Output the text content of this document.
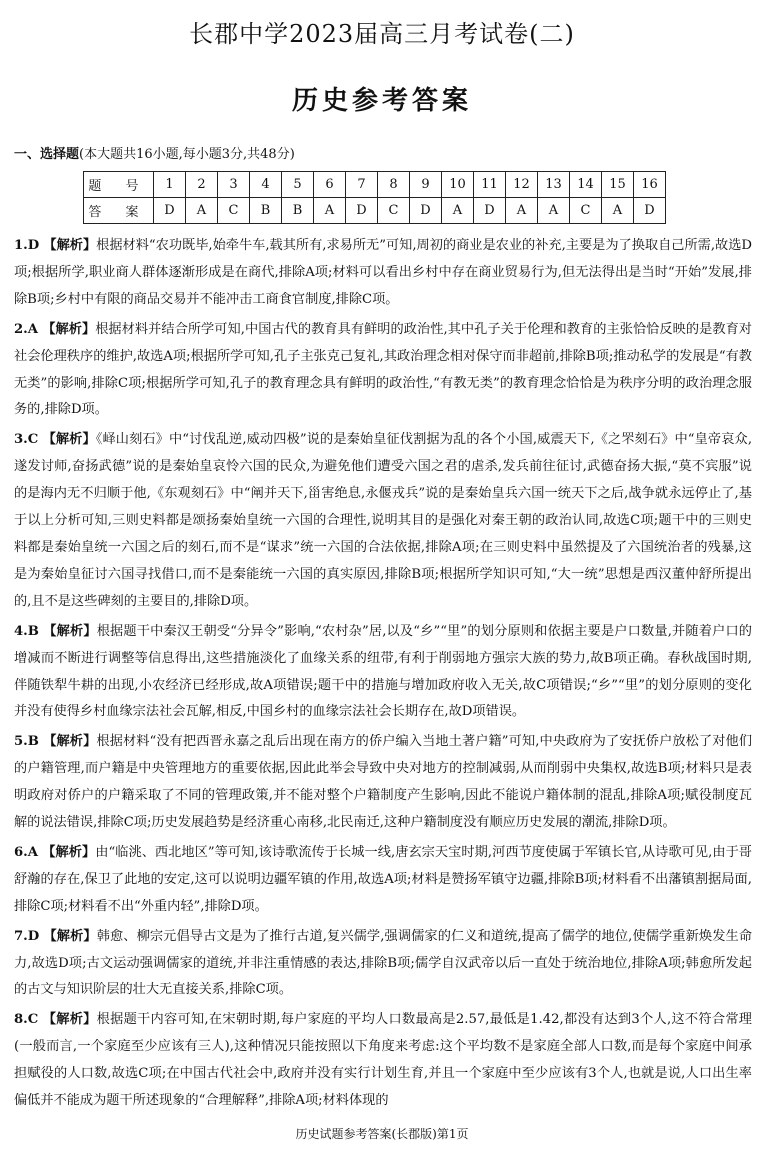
长郡中学2023届高三月考试卷(二)
历史参考答案
一、选择题(本大题共16小题,每小题3分,共48分)
题 号	1	2	3	4	5	6	7	8	9	10	11	12	13	14	15	16
答 案	D	A	C	B	B	A	D	C	D	A	D	A	A	C	A	D
1.D 【解析】根据材料“农功既毕,始牵牛车,载其所有,求易所无”可知,周初的商业是农业的补充,主要是为了换取自己所需,故选D项;根据所学,职业商人群体逐渐形成是在商代,排除A项;材料可以看出乡村中存在商业贸易行为,但无法得出是当时“开始”发展,排除B项;乡村中有限的商品交易并不能冲击工商食官制度,排除C项。
2.A 【解析】根据材料并结合所学可知,中国古代的教育具有鲜明的政治性,其中孔子关于伦理和教育的主张恰恰反映的是教育对社会伦理秩序的维护,故选A项;根据所学可知,孔子主张克己复礼,其政治理念相对保守而非超前,排除B项;推动私学的发展是“有教无类”的影响,排除C项;根据所学可知,孔子的教育理念具有鲜明的政治性,“有教无类”的教育理念恰恰是为秩序分明的政治理念服务的,排除D项。
3.C 【解析】《峄山刻石》中“讨伐乱逆,威动四极”说的是秦始皇征伐割据为乱的各个小国,威震天下,《之罘刻石》中“皇帝哀众,遂发讨师,奋扬武德”说的是秦始皇哀怜六国的民众,为避免他们遭受六国之君的虐杀,发兵前往征讨,武德奋扬大振,“莫不宾服”说的是海内无不归顺于他,《东观刻石》中“阐并天下,甾害绝息,永偃戎兵”说的是秦始皇兵六国一统天下之后,战争就永远停止了,基于以上分析可知,三则史料都是颂扬秦始皇统一六国的合理性,说明其目的是强化对秦王朝的政治认同,故选C项;题干中的三则史料都是秦始皇统一六国之后的刻石,而不是“谋求”统一六国的合法依据,排除A项;在三则史料中虽然提及了六国统治者的残暴,这是为秦始皇征讨六国寻找借口,而不是秦能统一六国的真实原因,排除B项;根据所学知识可知,“大一统”思想是西汉董仲舒所提出的,且不是这些碑刻的主要目的,排除D项。
4.B 【解析】根据题干中秦汉王朝受“分异令”影响,“农村杂”居,以及“乡”“里”的划分原则和依据主要是户口数量,并随着户口的增减而不断进行调整等信息得出,这些措施淡化了血缘关系的纽带,有利于削弱地方强宗大族的势力,故B项正确。春秋战国时期,伴随铁犁牛耕的出现,小农经济已经形成,故A项错误;题干中的措施与增加政府收入无关,故C项错误;“乡”“里”的划分原则的变化并没有使得乡村血缘宗法社会瓦解,相反,中国乡村的血缘宗法社会长期存在,故D项错误。
5.B 【解析】根据材料“没有把西晋永嘉之乱后出现在南方的侨户编入当地土著户籍”可知,中央政府为了安抚侨户放松了对他们的户籍管理,而户籍是中央管理地方的重要依据,因此此举会导致中央对地方的控制减弱,从而削弱中央集权,故选B项;材料只是表明政府对侨户的户籍采取了不同的管理政策,并不能对整个户籍制度产生影响,因此不能说户籍体制的混乱,排除A项;赋役制度瓦解的说法错误,排除C项;历史发展趋势是经济重心南移,北民南迁,这种户籍制度没有顺应历史发展的潮流,排除D项。
6.A 【解析】由“临洮、西北地区”等可知,该诗歌流传于长城一线,唐玄宗天宝时期,河西节度使属于军镇长官,从诗歌可见,由于哥舒瀚的存在,保卫了此地的安定,这可以说明边疆军镇的作用,故选A项;材料是赞扬军镇守边疆,排除B项;材料看不出藩镇割据局面,排除C项;材料看不出“外重内轻”,排除D项。
7.D 【解析】韩愈、柳宗元倡导古文是为了推行古道,复兴儒学,强调儒家的仁义和道统,提高了儒学的地位,使儒学重新焕发生命力,故选D项;古文运动强调儒家的道统,并非注重情感的表达,排除B项;儒学自汉武帝以后一直处于统治地位,排除A项;韩愈所发起的古文与知识阶层的壮大无直接关系,排除C项。
8.C 【解析】根据题干内容可知,在宋朝时期,每户家庭的平均人口数最高是2.57,最低是1.42,都没有达到3个人,这不符合常理(一般而言,一个家庭至少应该有三人),这种情况只能按照以下角度来考虑:这个平均数不是家庭全部人口数,而是每个家庭中间承担赋役的人口数,故选C项;在中国古代社会中,政府并没有实行计划生育,并且一个家庭中至少应该有3个人,也就是说,人口出生率偏低并不能成为题干所述现象的“合理解释”,排除A项;材料体现的
历史试题参考答案(长郡版)第1页
